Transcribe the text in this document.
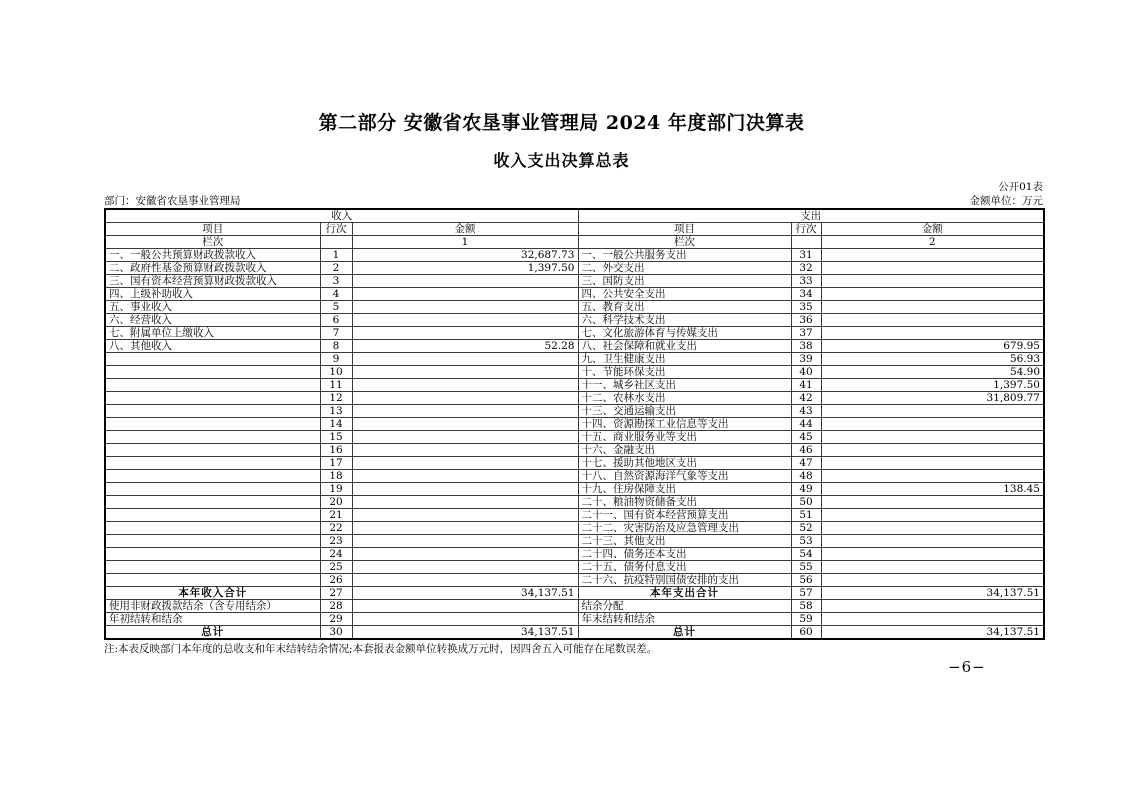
第二部分 安徽省农垦事业管理局 2024 年度部门决算表
收入支出决算总表
公开01表
部门：安徽省农垦事业管理局	金额单位：万元
收入			支出		
项目	行次	金额	项目	行次	金额
栏次		1	栏次		2
一、一般公共预算财政拨款收入	1	32,687.73	一、一般公共服务支出	31	
二、政府性基金预算财政拨款收入	2	1,397.50	二、外交支出	32	
三、国有资本经营预算财政拨款收入	3		三、国防支出	33	
四、上级补助收入	4		四、公共安全支出	34	
五、事业收入	5		五、教育支出	35	
六、经营收入	6		六、科学技术支出	36	
七、附属单位上缴收入	7		七、文化旅游体育与传媒支出	37	
八、其他收入	8	52.28	八、社会保障和就业支出	38	679.95
	9		九、卫生健康支出	39	56.93
	10		十、节能环保支出	40	54.90
	11		十一、城乡社区支出	41	1,397.50
	12		十二、农林水支出	42	31,809.77
	13		十三、交通运输支出	43	
	14		十四、资源勘探工业信息等支出	44	
	15		十五、商业服务业等支出	45	
	16		十六、金融支出	46	
	17		十七、援助其他地区支出	47	
	18		十八、自然资源海洋气象等支出	48	
	19		十九、住房保障支出	49	138.45
	20		二十、粮油物资储备支出	50	
	21		二十一、国有资本经营预算支出	51	
	22		二十二、灾害防治及应急管理支出	52	
	23		二十三、其他支出	53	
	24		二十四、债务还本支出	54	
	25		二十五、债务付息支出	55	
	26		二十六、抗疫特别国债安排的支出	56	
本年收入合计	27	34,137.51	本年支出合计	57	34,137.51
使用非财政拨款结余（含专用结余）	28		结余分配	58	
年初结转和结余	29		年末结转和结余	59	
总计	30	34,137.51	总计	60	34,137.51
注:本表反映部门本年度的总收支和年末结转结余情况;本套报表金额单位转换成万元时，因四舍五入可能存在尾数误差。
−6−
